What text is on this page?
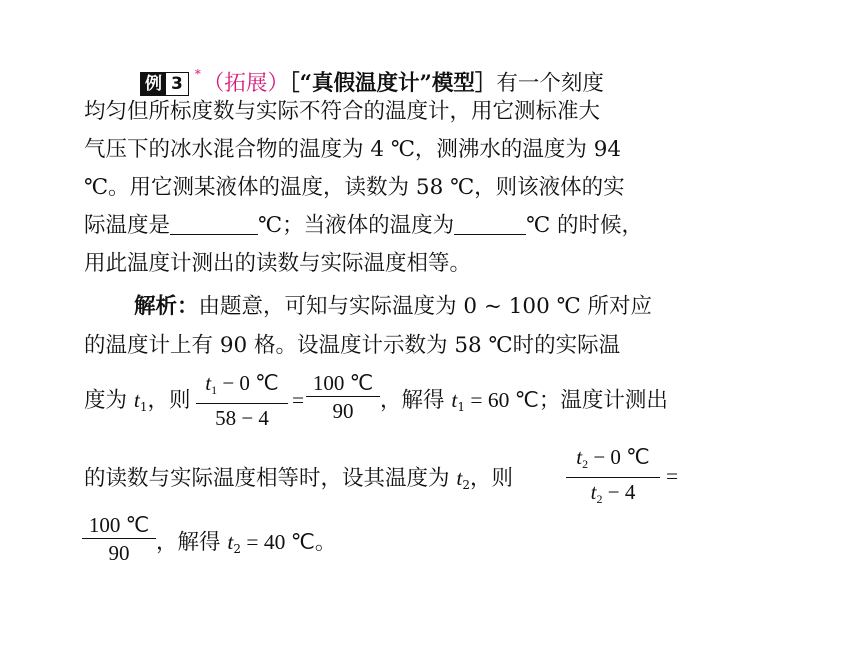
例 3 *（拓展）［“真假温度计”模型］有一个刻度
均匀但所标度数与实际不符合的温度计，用它测标准大
气压下的冰水混合物的温度为 4 ℃，测沸水的温度为 94
℃。用它测某液体的温度，读数为 58 ℃，则该液体的实
际温度是	℃；当液体的温度为	℃ 的时候，
用此温度计测出的读数与实际温度相等。
解析：由题意，可知与实际温度为 0 ~ 100 ℃ 所对应
的温度计上有 90 格。设温度计示数为 58 ℃时的实际温
度为 $t_1$，则
$t_1 - 0$ ℃
58 − 4
=
100 ℃
90	，解得 $t_1 = 60$ ℃；温度计测出
的读数与实际温度相等时，设其温度为 $t_2$，则
$t_2 - 0$ ℃
$t_2 - 4$
=
100 ℃
90	，解得 $t_2 = 40$ ℃。
